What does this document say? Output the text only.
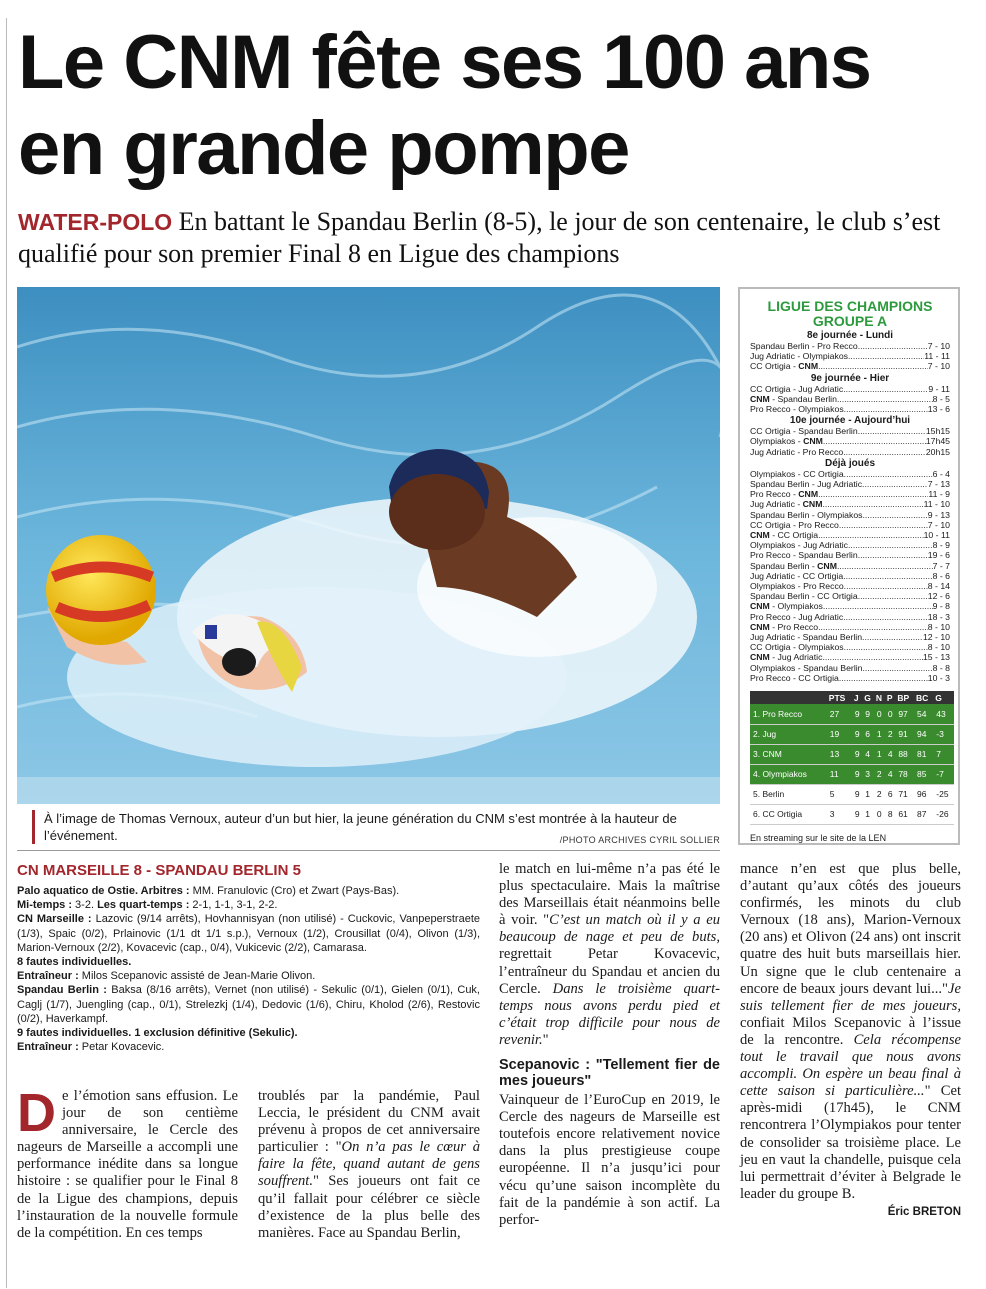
Le CNM fête ses 100 ans en grande pompe
WATER-POLO En battant le Spandau Berlin (8-5), le jour de son centenaire, le club s’est qualifié pour son premier Final 8 en Ligue des champions
À l’image de Thomas Vernoux, auteur d’un but hier, la jeune génération du CNM s’est montrée à la hauteur de l’événement.	/PHOTO ARCHIVES CYRIL SOLLIER
LIGUE DES CHAMPIONS
GROUPE A
8e journée - Lundi
Spandau Berlin - Pro Recco .....	7 - 10
Jug Adriatic - Olympiakos .....	11 - 11
CC Ortigia - CNM .....	7 - 10
9e journée - Hier
CC Ortigia - Jug Adriatic .....	9 - 11
CNM - Spandau Berlin .....	8 - 5
Pro Recco - Olympiakos .....	13 - 6
10e journée - Aujourd’hui
CC Ortigia - Spandau Berlin .....	15h15
Olympiakos - CNM .....	17h45
Jug Adriatic - Pro Recco .....	20h15
Déjà joués
Olympiakos - CC Ortigia .....	6 - 4
Spandau Berlin - Jug Adriatic .....	7 - 13
Pro Recco - CNM .....	11 - 9
Jug Adriatic - CNM .....	11 - 10
Spandau Berlin - Olympiakos .....	9 - 13
CC Ortigia - Pro Recco .....	7 - 10
CNM - CC Ortigia .....	10 - 11
Olympiakos - Jug Adriatic .....	8 - 9
Pro Recco - Spandau Berlin .....	19 - 6
Spandau Berlin - CNM .....	7 - 7
Jug Adriatic - CC Ortigia .....	8 - 6
Olympiakos - Pro Recco .....	8 - 14
Spandau Berlin - CC Ortigia .....	12 - 6
CNM - Olympiakos .....	9 - 8
Pro Recco - Jug Adriatic .....	18 - 3
CNM - Pro Recco .....	8 - 10
Jug Adriatic - Spandau Berlin .....	12 - 10
CC Ortigia - Olympiakos .....	8 - 10
CNM - Jug Adriatic .....	15 - 13
Olympiakos - Spandau Berlin .....	8 - 8
Pro Recco - CC Ortigia .....	10 - 3
	PTS	J	G	N	P	BP	BC	G
1. Pro Recco	27	9	9	0	0	97	54	43
2. Jug	19	9	6	1	2	91	94	-3
3. CNM	13	9	4	1	4	88	81	7
4. Olympiakos	11	9	3	2	4	78	85	-7
5. Berlin	5	9	1	2	6	71	96	-25
6. CC Ortigia	3	9	1	0	8	61	87	-26
En streaming sur le site de la LEN
CN MARSEILLE 8 - SPANDAU BERLIN 5
Palo aquatico de Ostie. Arbitres : MM. Franulovic (Cro) et Zwart (Pays-Bas).
Mi-temps : 3-2. Les quart-temps : 2-1, 1-1, 3-1, 2-2.
CN Marseille : Lazovic (9/14 arrêts), Hovhannisyan (non utilisé) - Cuckovic, Vanpeperstraete (1/3), Spaic (0/2), Prlainovic (1/1 dt 1/1 s.p.), Vernoux (1/2), Crousillat (0/4), Olivon (1/3), Marion-Vernoux (2/2), Kovacevic (cap., 0/4), Vukicevic (2/2), Camarasa.
8 fautes individuelles.
Entraîneur : Milos Scepanovic assisté de Jean-Marie Olivon.
Spandau Berlin : Baksa (8/16 arrêts), Vernet (non utilisé) - Sekulic (0/1), Gielen (0/1), Cuk, Caglj (1/7), Juengling (cap., 0/1), Strelezkj (1/4), Dedovic (1/6), Chiru, Kholod (2/6), Restovic (0/2), Haverkampf.
9 fautes individuelles. 1 exclusion définitive (Sekulic).
Entraîneur : Petar Kovacevic.

De l’émotion sans effusion. Le jour de son centième anniversaire, le Cercle des nageurs de Marseille a accompli une performance inédite dans sa longue histoire : se qualifier pour le Final 8 de la Ligue des champions, depuis l’instauration de la nouvelle formule de la compétition. En ces temps

troublés par la pandémie, Paul Leccia, le président du CNM avait prévenu à propos de cet anniversaire particulier : "On n’a pas le cœur à faire la fête, quand autant de gens souffrent." Ses joueurs ont fait ce qu’il fallait pour célébrer ce siècle d’existence de la plus belle des manières. Face au Spandau Berlin,

le match en lui-même n’a pas été le plus spectaculaire. Mais la maîtrise des Marseillais était néanmoins belle à voir. "C’est un match où il y a eu beaucoup de nage et peu de buts, regrettait Petar Kovacevic, l’entraîneur du Spandau et ancien du Cercle. Dans le troisième quart-temps nous avons perdu pied et c’était trop difficile pour nous de revenir."

Scepanovic : "Tellement fier de mes joueurs"

Vainqueur de l’EuroCup en 2019, le Cercle des nageurs de Marseille est toutefois encore relativement novice dans la plus prestigieuse coupe européenne. Il n’a jusqu’ici pour vécu qu’une saison incomplète du fait de la pandémie à son actif. La perfor-

mance n’en est que plus belle, d’autant qu’aux côtés des joueurs confirmés, les minots du club Vernoux (18 ans), Marion-Vernoux (20 ans) et Olivon (24 ans) ont inscrit quatre des huit buts marseillais hier. Un signe que le club centenaire a encore de beaux jours devant lui..."Je suis tellement fier de mes joueurs, confiait Milos Scepanovic à l’issue de la rencontre. Cela récompense tout le travail que nous avons accompli. On espère un beau final à cette saison si particulière..." Cet après-midi (17h45), le CNM rencontrera l’Olympiakos pour tenter de consolider sa troisième place. Le jeu en vaut la chandelle, puisque cela lui permettrait d’éviter à Belgrade le leader du groupe B.

Éric BRETON
